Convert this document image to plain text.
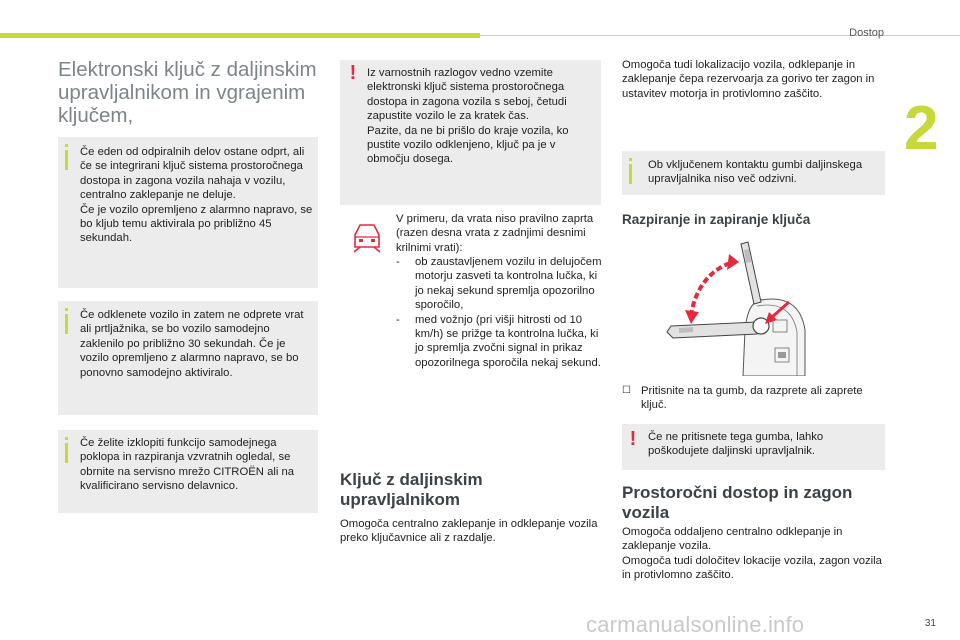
Dostop
2
Elektronski ključ z daljinskim upravljalnikom in vgrajenim ključem,
Če eden od odpiralnih delov ostane odprt, ali če se integrirani ključ sistema prostoročnega dostopa in zagona vozila nahaja v vozilu, centralno zaklepanje ne deluje.
Če je vozilo opremljeno z alarmno napravo, se bo kljub temu aktivirala po približno 45 sekundah.
Če odklenete vozilo in zatem ne odprete vrat ali prtljažnika, se bo vozilo samodejno zaklenilo po približno 30 sekundah. Če je vozilo opremljeno z alarmno napravo, se bo ponovno samodejno aktiviralo.
Če želite izklopiti funkcijo samodejnega poklopa in razpiranja vzvratnih ogledal, se obrnite na servisno mrežo CITROËN ali na kvalificirano servisno delavnico.
! Iz varnostnih razlogov vedno vzemite elektronski ključ sistema prostoročnega dostopa in zagona vozila s seboj, četudi zapustite vozilo le za kratek čas.
Pazite, da ne bi prišlo do kraje vozila, ko pustite vozilo odklenjeno, ključ pa je v območju dosega.
V primeru, da vrata niso pravilno zaprta (razen desna vrata z zadnjimi desnimi krilnimi vrati):
- ob zaustavljenem vozilu in delujočem motorju zasveti ta kontrolna lučka, ki jo nekaj sekund spremlja opozorilno sporočilo,
- med vožnjo (pri višji hitrosti od 10 km/h) se prižge ta kontrolna lučka, ki jo spremlja zvočni signal in prikaz opozorilnega sporočila nekaj sekund.
Ključ z daljinskim upravljalnikom
Omogoča centralno zaklepanje in odklepanje vozila preko ključavnice ali z razdalje.
Omogoča tudi lokalizacijo vozila, odklepanje in zaklepanje čepa rezervoarja za gorivo ter zagon in ustavitev motorja in protivlomno zaščito.
Ob vključenem kontaktu gumbi daljinskega upravljalnika niso več odzivni.
Razpiranje in zapiranje ključa
☐ Pritisnite na ta gumb, da razprete ali zaprete ključ.
! Če ne pritisnete tega gumba, lahko poškodujete daljinski upravljalnik.
Prostoročni dostop in zagon vozila
Omogoča oddaljeno centralno odklepanje in zaklepanje vozila.
Omogoča tudi določitev lokacije vozila, zagon vozila in protivlomno zaščito.
carmanualsonline.info	31
